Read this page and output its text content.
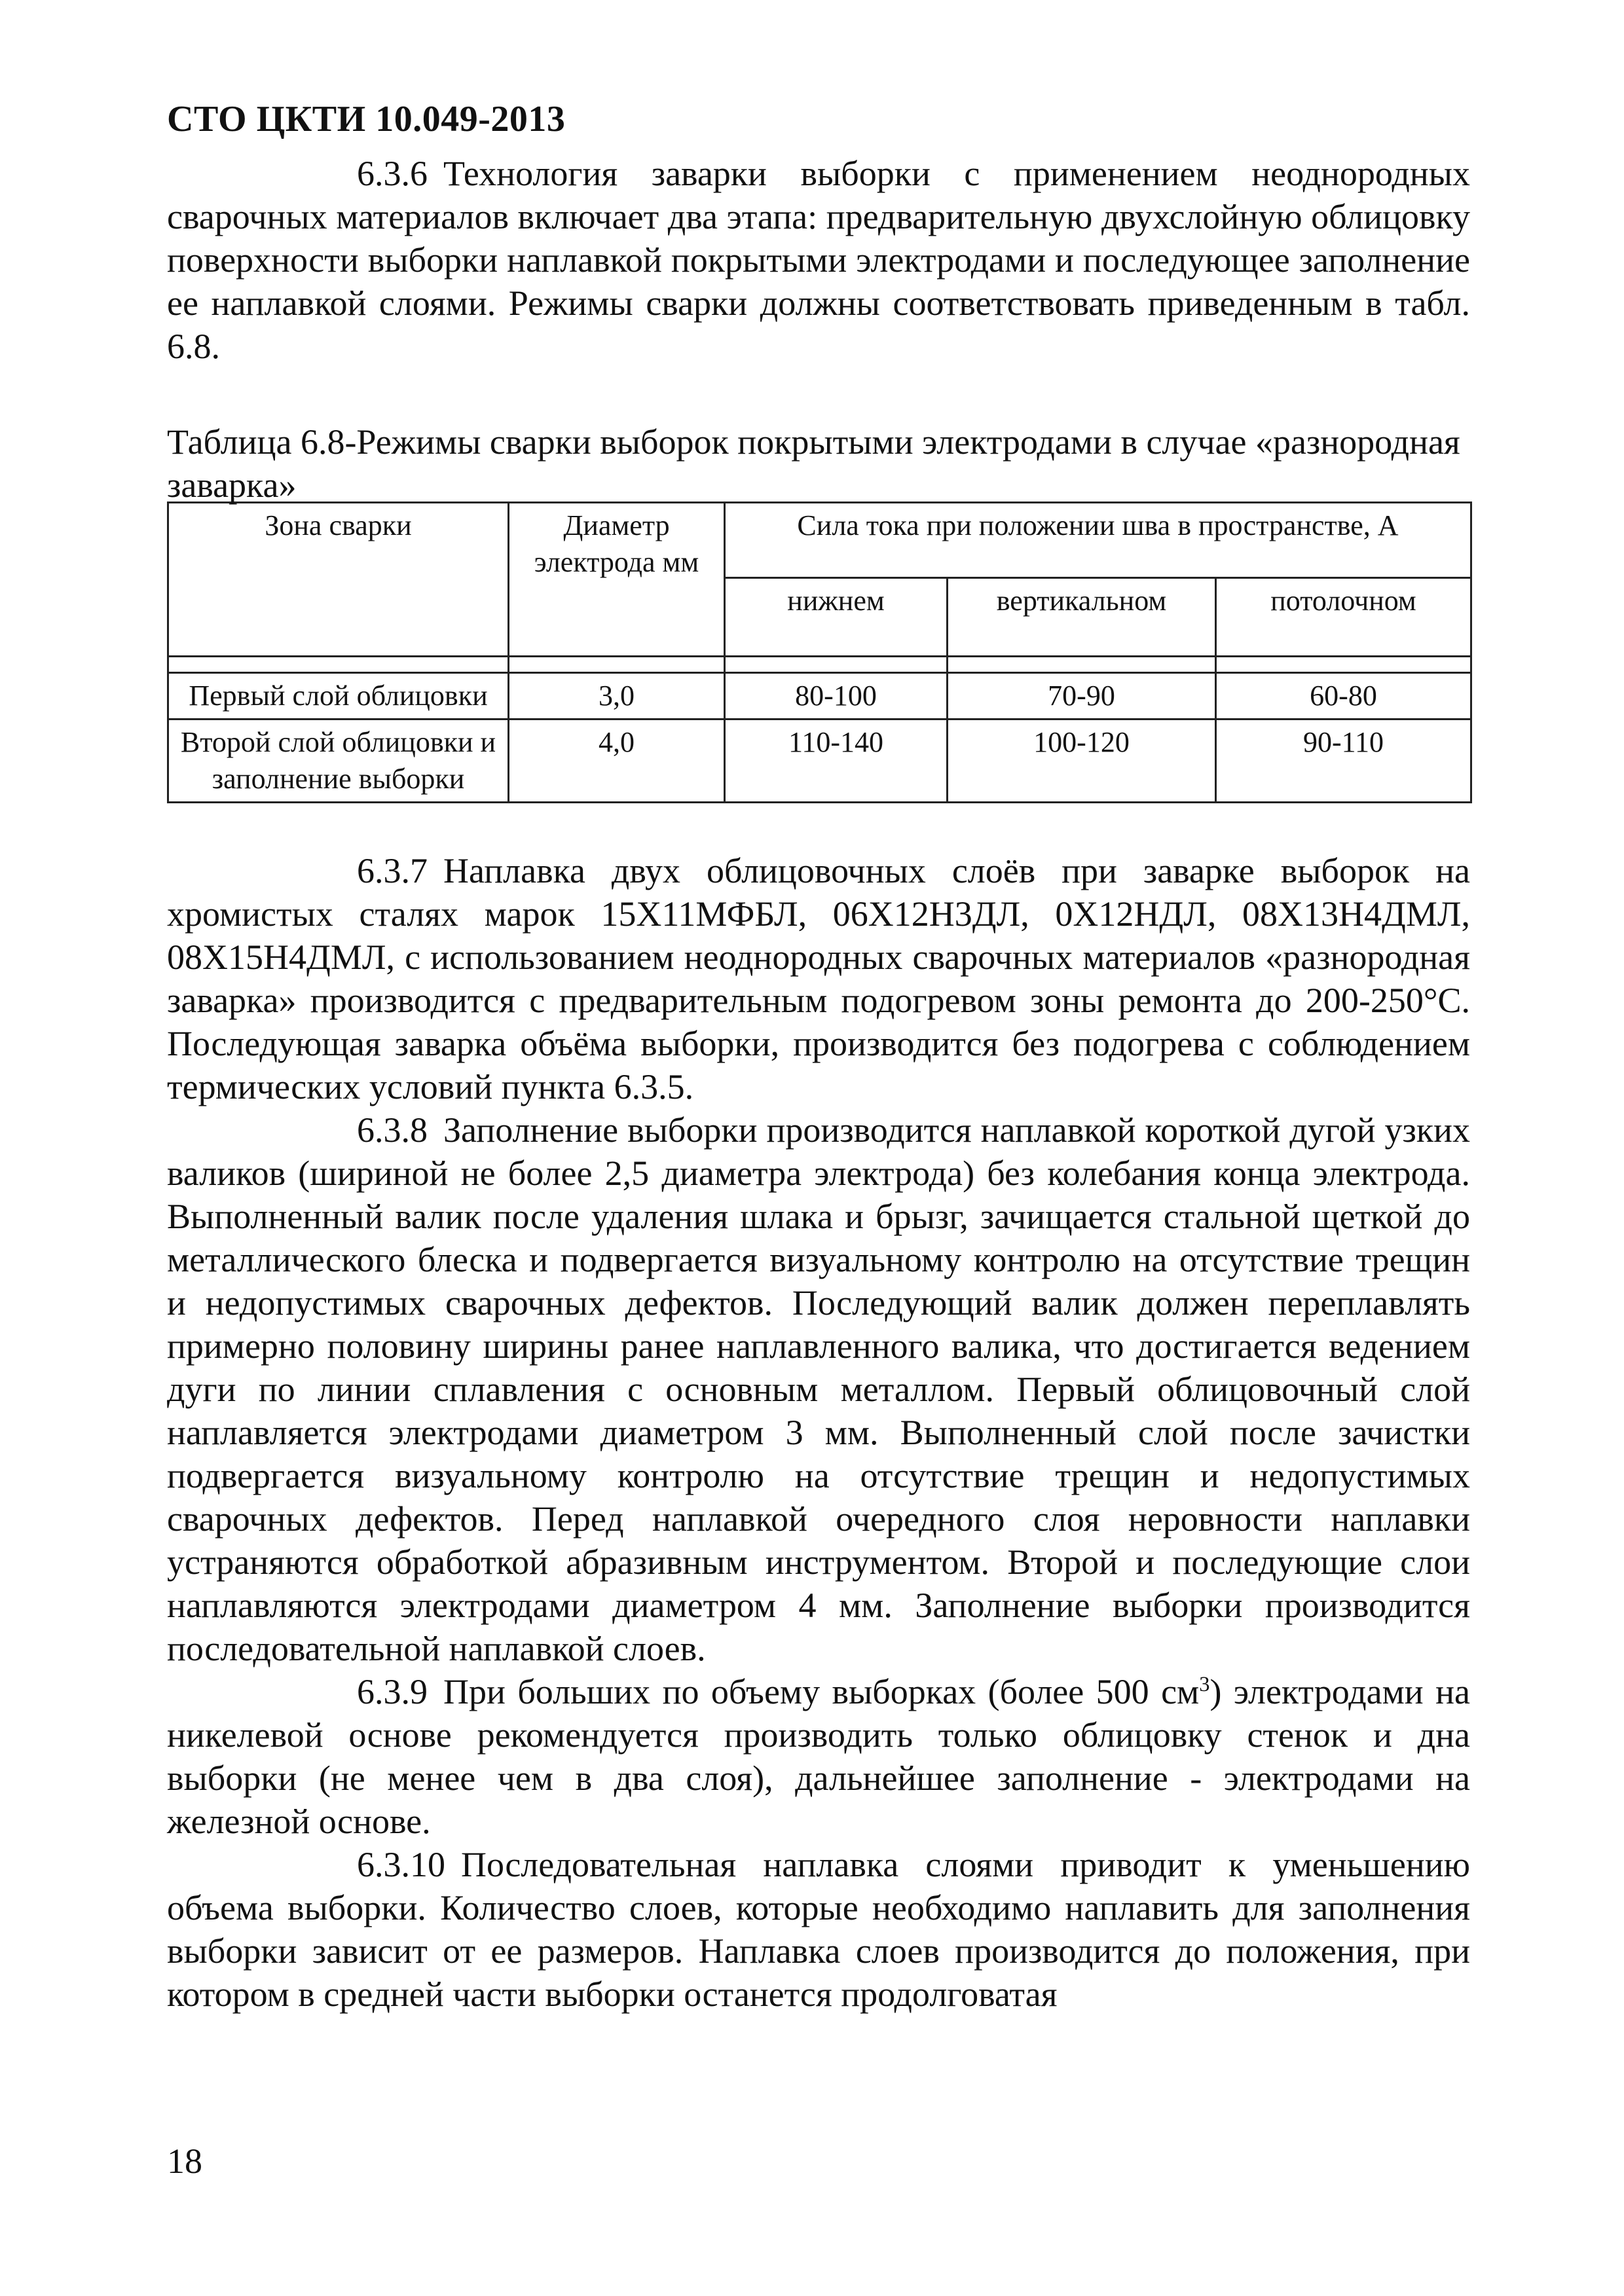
СТО ЦКТИ 10.049-2013

6.3.6 Технология заварки выборки с применением неоднородных сварочных материалов включает два этапа: предварительную двухслойную облицовку поверхности выборки наплавкой покрытыми электродами и последующее заполнение ее наплавкой слоями. Режимы сварки должны соответствовать приведенным в табл. 6.8.

Таблица 6.8-Режимы сварки выборок покрытыми электродами в случае «разнородная заварка»

Зона сварки	Диаметр электрода мм	Сила тока при положении шва в пространстве, А		
		нижнем	вертикальном	потолочном

Первый слой облицовки	3,0	80-100	70-90	60-80
Второй слой облицовки и заполнение выборки	4,0	110-140	100-120	90-110

6.3.7 Наплавка двух облицовочных слоёв при заварке выборок на хромистых сталях марок 15Х11МФБЛ, 06Х12Н3ДЛ, 0Х12НДЛ, 08Х13Н4ДМЛ, 08Х15Н4ДМЛ, с использованием неоднородных сварочных материалов «разнородная заварка» производится с предварительным подогревом зоны ремонта до 200-250°С. Последующая заварка объёма выборки, производится без подогрева с соблюдением термических условий пункта 6.3.5.

6.3.8 Заполнение выборки производится наплавкой короткой дугой узких валиков (шириной не более 2,5 диаметра электрода) без колебания конца электрода. Выполненный валик после удаления шлака и брызг, зачищается стальной щеткой до металлического блеска и подвергается визуальному контролю на отсутствие трещин и недопустимых сварочных дефектов. Последующий валик должен переплавлять примерно половину ширины ранее наплавленного валика, что достигается ведением дуги по линии сплавления с основным металлом. Первый облицовочный слой наплавляется электродами диаметром 3 мм. Выполненный слой после зачистки подвергается визуальному контролю на отсутствие трещин и недопустимых сварочных дефектов. Перед наплавкой очередного слоя неровности наплавки устраняются обработкой абразивным инструментом. Второй и последующие слои наплавляются электродами диаметром 4 мм. Заполнение выборки производится последовательной наплавкой слоев.

6.3.9 При больших по объему выборках (более 500 $см^3$) электродами на никелевой основе рекомендуется производить только облицовку стенок и дна выборки (не менее чем в два слоя), дальнейшее заполнение - электродами на железной основе.

6.3.10 Последовательная наплавка слоями приводит к уменьшению объема выборки. Количество слоев, которые необходимо наплавить для заполнения выборки зависит от ее размеров. Наплавка слоев производится до положения, при котором в средней части выборки останется продолговатая

18
